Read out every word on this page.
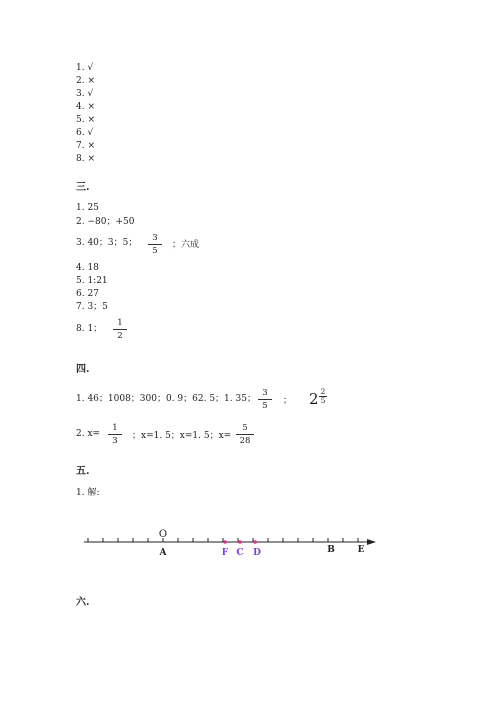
1. √
2. ×
3. √
4. ×
5. ×
6. √
7. ×
8. ×
三.
1. 25
2. −80；+50
3. 40；3；5； $\frac{3}{5}$ ；六成
4. 18
5. 1:21
6. 27
7. 3；5
8. 1； $\frac{1}{2}$
四.
1. 46；1008；300；0. 9；62. 5；1. 35； $\frac{3}{5}$ ； $2 \frac{2}{5}$
2. $x= \frac{1}{3}$ ；x=1. 5；x=1. 5；$x= \frac{5}{28}$
五.
1. 解:
O
A	F C D	B	E
六.
